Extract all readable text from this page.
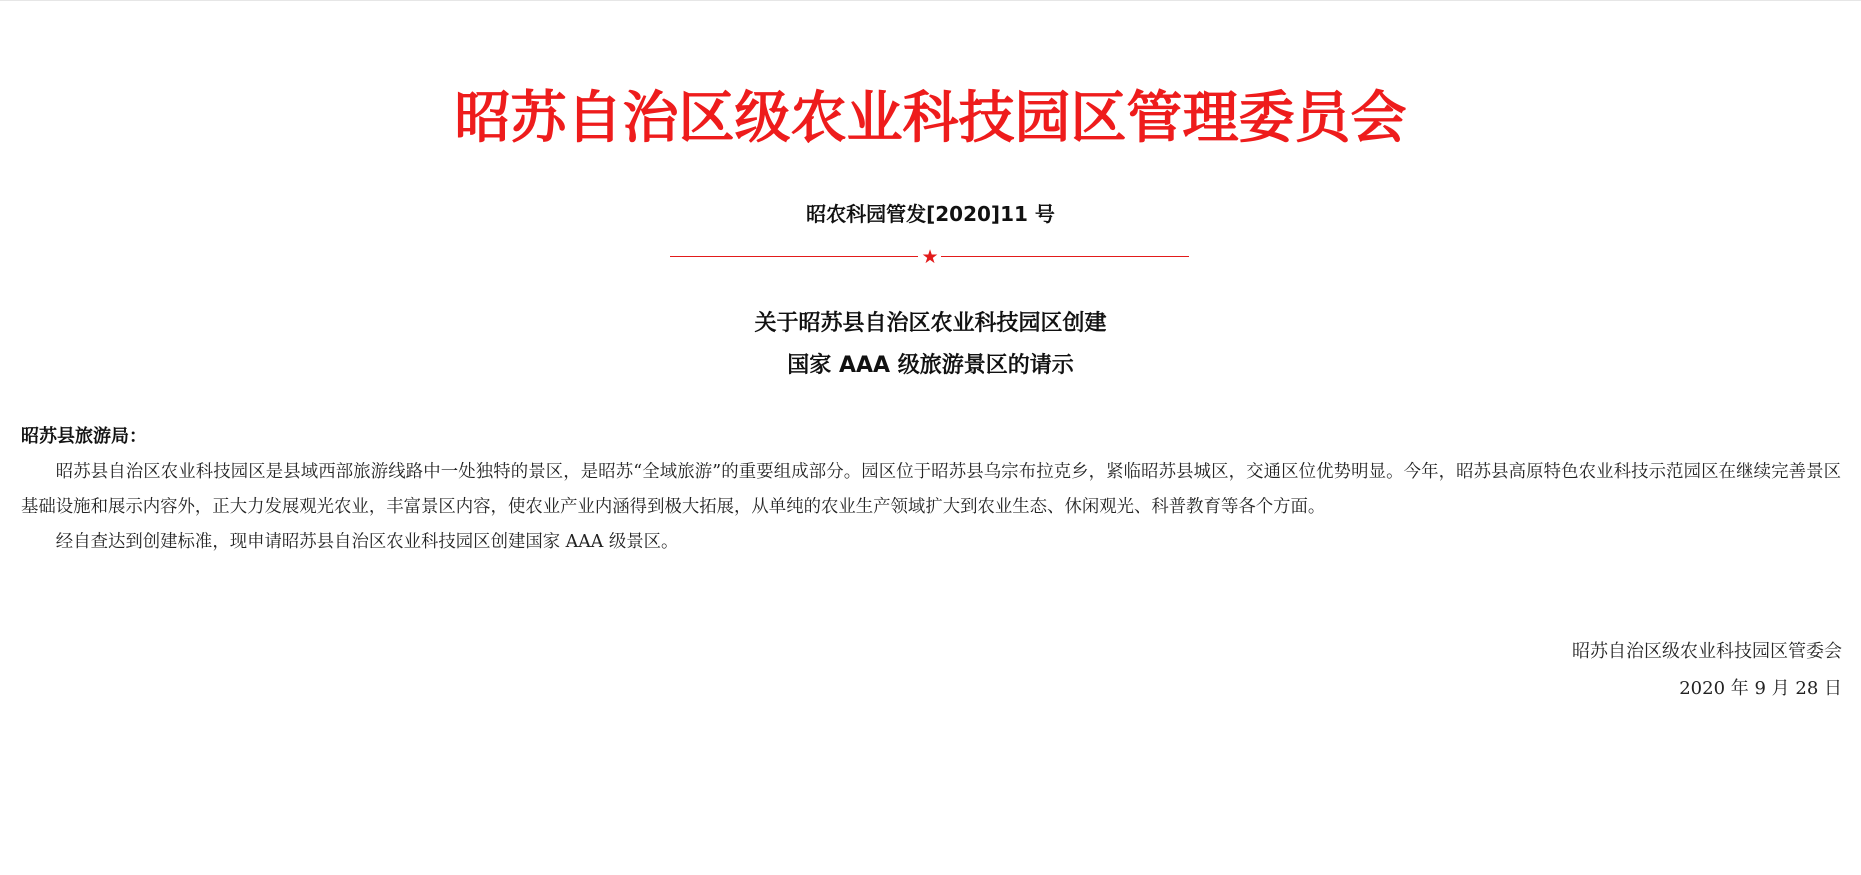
昭苏自治区级农业科技园区管理委员会
昭农科园管发[2020]11 号
★
关于昭苏县自治区农业科技园区创建
国家 AAA 级旅游景区的请示
昭苏县旅游局：

昭苏县自治区农业科技园区是县域西部旅游线路中一处独特的景区，是昭苏“全域旅游”的重要组成部分。园区位于昭苏县乌宗布拉克乡，紧临昭苏县城区，交通区位优势明显。今年，昭苏县高原特色农业科技示范园区在继续完善景区基础设施和展示内容外，正大力发展观光农业，丰富景区内容，使农业产业内涵得到极大拓展，从单纯的农业生产领域扩大到农业生态、休闲观光、科普教育等各个方面。

经自查达到创建标准，现申请昭苏县自治区农业科技园区创建国家 AAA 级景区。

昭苏自治区级农业科技园区管委会
2020 年 9 月 28 日
